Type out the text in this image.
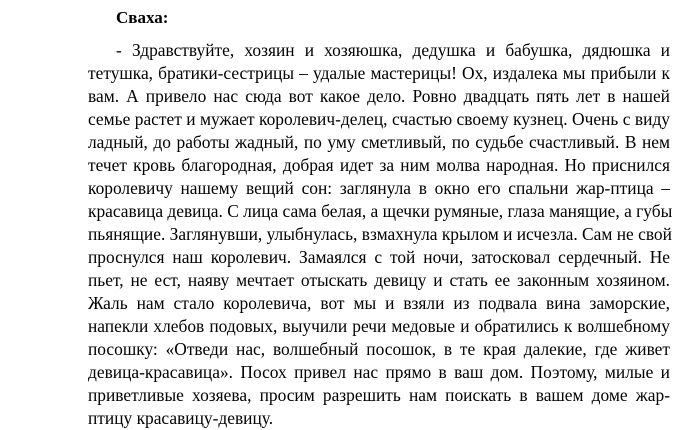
Сваха:
- Здравствуйте, хозяин и хозяюшка, дедушка и бабушка, дядюшка и
тетушка, братики-сестрицы – удалые мастерицы! Ох, издалека мы прибыли к
вам. А привело нас сюда вот какое дело. Ровно двадцать пять лет в нашей
семье растет и мужает королевич-делец, счастью своему кузнец. Очень с виду
ладный, до работы жадный, по уму сметливый, по судьбе счастливый. В нем
течет кровь благородная, добрая идет за ним молва народная. Но приснился
королевичу нашему вещий сон: заглянула в окно его спальни жар-птица –
красавица девица. С лица сама белая, а щечки румяные, глаза манящие, а губы
пьянящие. Заглянувши, улыбнулась, взмахнула крылом и исчезла. Сам не свой
проснулся наш королевич. Замаялся с той ночи, затосковал сердечный. Не
пьет, не ест, наяву мечтает отыскать девицу и стать ее законным хозяином.
Жаль нам стало королевича, вот мы и взяли из подвала вина заморские,
напекли хлебов подовых, выучили речи медовые и обратились к волшебному
посошку: «Отведи нас, волшебный посошок, в те края далекие, где живет
девица-красавица». Посох привел нас прямо в ваш дом. Поэтому, милые и
приветливые хозяева, просим разрешить нам поискать в вашем доме жар-
птицу красавицу-девицу.
